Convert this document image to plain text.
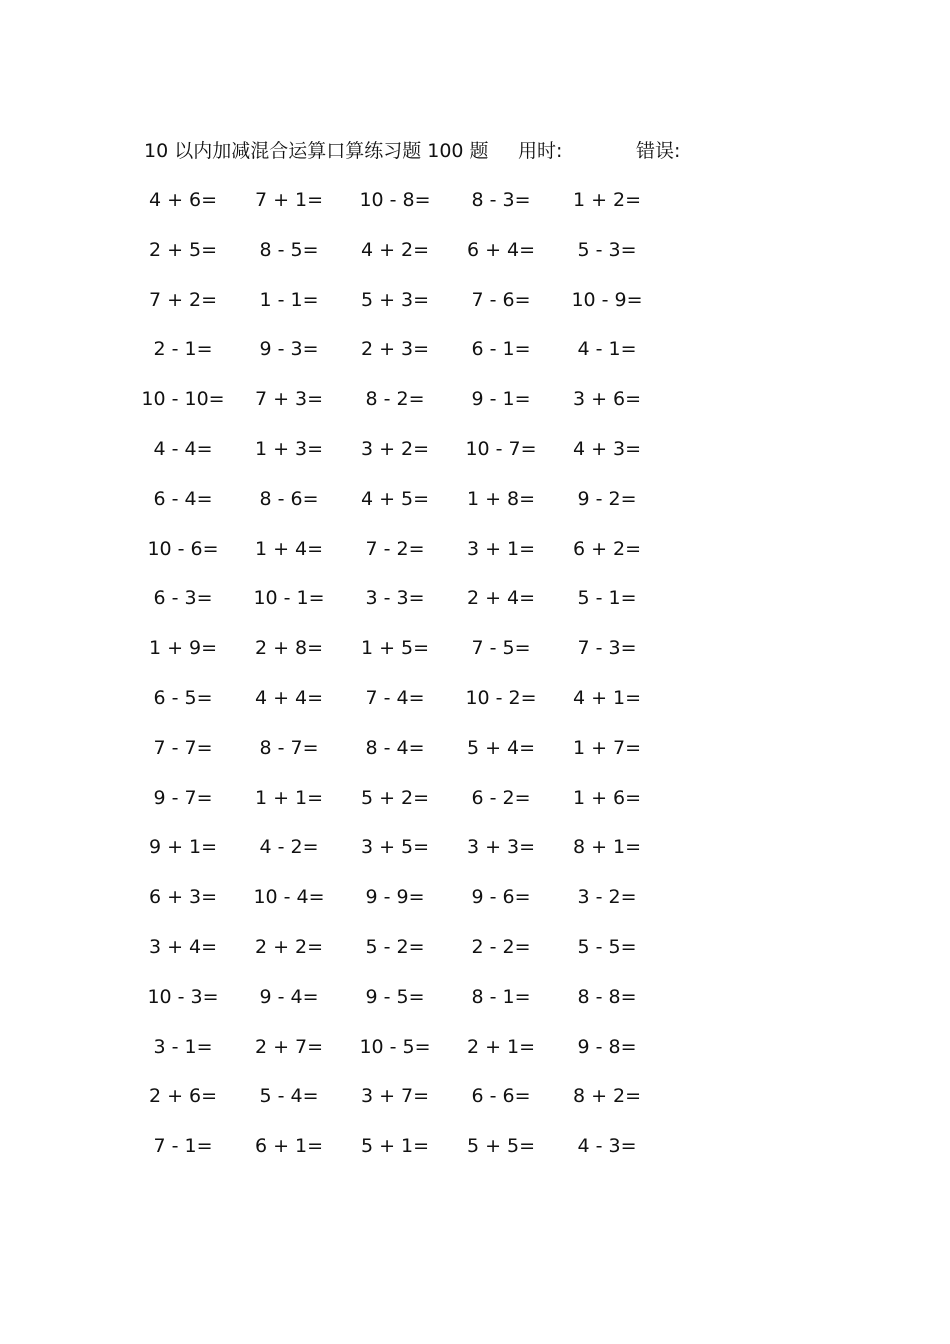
10 以内加减混合运算口算练习题 100 题 用时:	错误:
4 + 6=	7 + 1=	10 - 8=	8 - 3=	1 + 2=
2 + 5=	8 - 5=	4 + 2=	6 + 4=	5 - 3=
7 + 2=	1 - 1=	5 + 3=	7 - 6=	10 - 9=
2 - 1=	9 - 3=	2 + 3=	6 - 1=	4 - 1=
10 - 10=	7 + 3=	8 - 2=	9 - 1=	3 + 6=
4 - 4=	1 + 3=	3 + 2=	10 - 7=	4 + 3=
6 - 4=	8 - 6=	4 + 5=	1 + 8=	9 - 2=
10 - 6=	1 + 4=	7 - 2=	3 + 1=	6 + 2=
6 - 3=	10 - 1=	3 - 3=	2 + 4=	5 - 1=
1 + 9=	2 + 8=	1 + 5=	7 - 5=	7 - 3=
6 - 5=	4 + 4=	7 - 4=	10 - 2=	4 + 1=
7 - 7=	8 - 7=	8 - 4=	5 + 4=	1 + 7=
9 - 7=	1 + 1=	5 + 2=	6 - 2=	1 + 6=
9 + 1=	4 - 2=	3 + 5=	3 + 3=	8 + 1=
6 + 3=	10 - 4=	9 - 9=	9 - 6=	3 - 2=
3 + 4=	2 + 2=	5 - 2=	2 - 2=	5 - 5=
10 - 3=	9 - 4=	9 - 5=	8 - 1=	8 - 8=
3 - 1=	2 + 7=	10 - 5=	2 + 1=	9 - 8=
2 + 6=	5 - 4=	3 + 7=	6 - 6=	8 + 2=
7 - 1=	6 + 1=	5 + 1=	5 + 5=	4 - 3=
